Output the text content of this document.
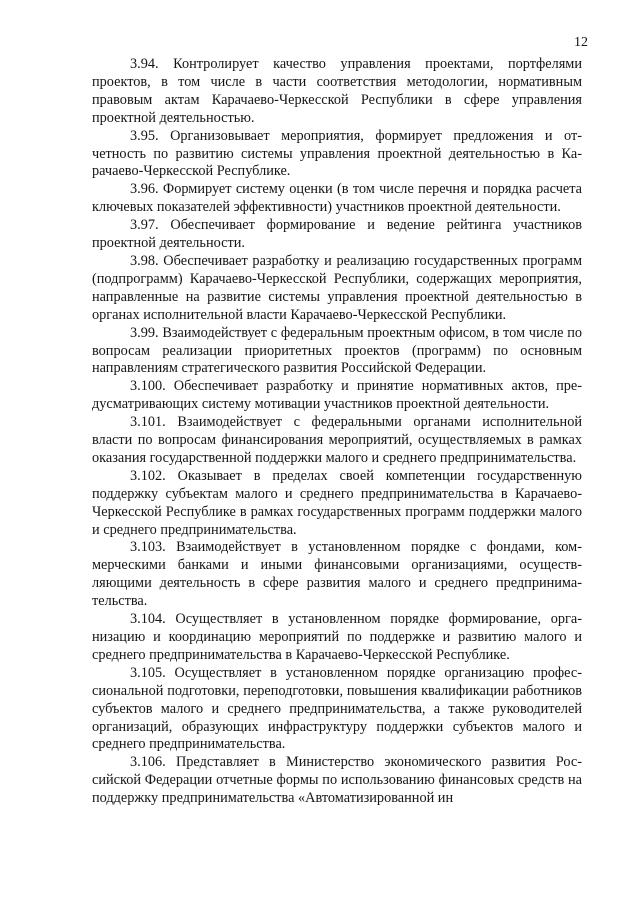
12

3.94. Контролирует качество управления проектами, портфелями проектов, в том числе в части соответствия методологии, нормативным правовым актам Карачаево-Черкесской Республики в сфере управления проектной деятельностью.

3.95. Организовывает мероприятия, формирует предложения и отчетность по развитию системы управления проектной деятельностью в Карачаево-Черкесской Республике.

3.96. Формирует систему оценки (в том числе перечня и порядка расчета ключевых показателей эффективности) участников проектной деятельности.

3.97. Обеспечивает формирование и ведение рейтинга участников проектной деятельности.

3.98. Обеспечивает разработку и реализацию государственных программ (подпрограмм) Карачаево-Черкесской Республики, содержащих мероприятия, направленные на развитие системы управления проектной деятельностью в органах исполнительной власти Карачаево-Черкесской Республики.

3.99. Взаимодействует с федеральным проектным офисом, в том числе по вопросам реализации приоритетных проектов (программ) по основным направлениям стратегического развития Российской Федерации.

3.100. Обеспечивает разработку и принятие нормативных актов, предусматривающих систему мотивации участников проектной деятельности.

3.101. Взаимодействует с федеральными органами исполнительной власти по вопросам финансирования мероприятий, осуществляемых в рамках оказания государственной поддержки малого и среднего предпринимательства.

3.102. Оказывает в пределах своей компетенции государственную поддержку субъектам малого и среднего предпринимательства в Карачаево-Черкесской Республике в рамках государственных программ поддержки малого и среднего предпринимательства.

3.103. Взаимодействует в установленном порядке с фондами, коммерческими банками и иными финансовыми организациями, осуществляющими деятельность в сфере развития малого и среднего предпринимательства.

3.104. Осуществляет в установленном порядке формирование, организацию и координацию мероприятий по поддержке и развитию малого и среднего предпринимательства в Карачаево-Черкесской Республике.

3.105. Осуществляет в установленном порядке организацию профессиональной подготовки, переподготовки, повышения квалификации работников субъектов малого и среднего предпринимательства, а также руководителей организаций, образующих инфраструктуру поддержки субъектов малого и среднего предпринимательства.

3.106. Представляет в Министерство экономического развития Российской Федерации отчетные формы по использованию финансовых средств на поддержку предпринимательства «Автоматизированной ин
